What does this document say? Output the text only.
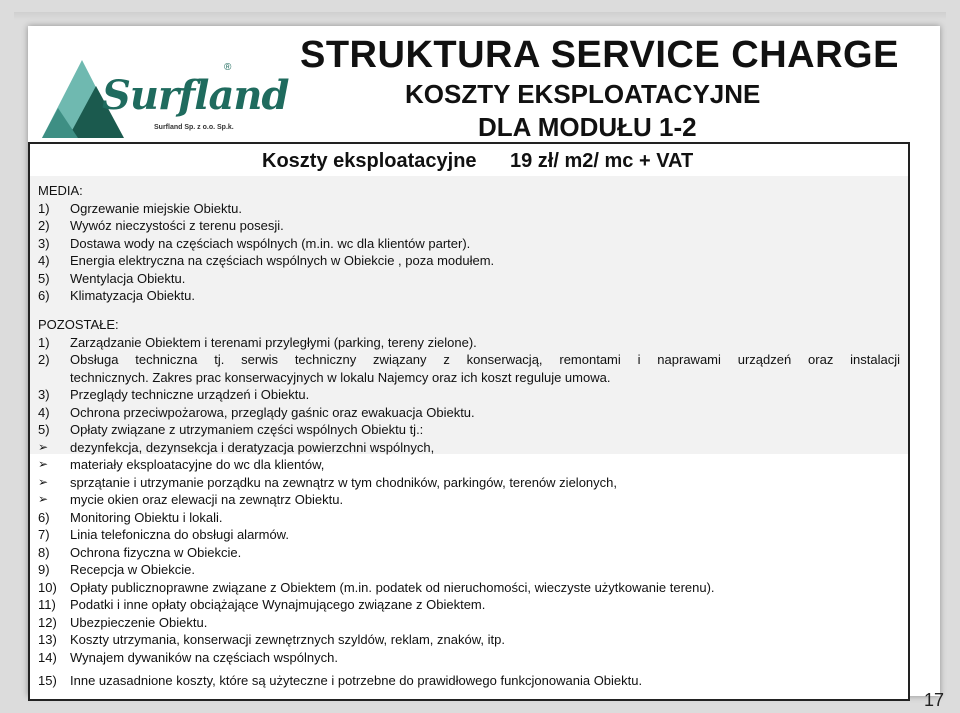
Surfland
®
Surfland Sp. z o.o. Sp.k.
STRUKTURA SERVICE CHARGE
KOSZTY EKSPLOATACYJNE
DLA MODUŁU 1-2
Koszty eksploatacyjne 19 zł/ m2/ mc + VAT
MEDIA:
1)	Ogrzewanie miejskie Obiektu.
2)	Wywóz nieczystości z terenu posesji.
3)	Dostawa wody na częściach wspólnych (m.in. wc dla klientów parter).
4)	Energia elektryczna na częściach wspólnych w Obiekcie , poza modułem.
5)	Wentylacja Obiektu.
6)	Klimatyzacja Obiektu.
POZOSTAŁE:
1)	Zarządzanie Obiektem i terenami przyległymi (parking, tereny zielone).
2)	Obsługa techniczna tj. serwis techniczny związany z konserwacją, remontami i naprawami urządzeń oraz instalacji
technicznych. Zakres prac konserwacyjnych w lokalu Najemcy oraz ich koszt reguluje umowa.
3)	Przeglądy techniczne urządzeń i Obiektu.
4)	Ochrona przeciwpożarowa, przeglądy gaśnic oraz ewakuacja Obiektu.
5)	Opłaty związane z utrzymaniem części wspólnych Obiektu tj.:
➢	dezynfekcja, dezynsekcja i deratyzacja powierzchni wspólnych,
➢	materiały eksploatacyjne do wc dla klientów,
➢	sprzątanie i utrzymanie porządku na zewnątrz w tym chodników, parkingów, terenów zielonych,
➢	mycie okien oraz elewacji na zewnątrz Obiektu.
6)	Monitoring Obiektu i lokali.
7)	Linia telefoniczna do obsługi alarmów.
8)	Ochrona fizyczna w Obiekcie.
9)	Recepcja w Obiekcie.
10)	Opłaty publicznoprawne związane z Obiektem (m.in. podatek od nieruchomości, wieczyste użytkowanie terenu).
11)	Podatki i inne opłaty obciążające Wynajmującego związane z Obiektem.
12)	Ubezpieczenie Obiektu.
13)	Koszty utrzymania, konserwacji zewnętrznych szyldów, reklam, znaków, itp.
14)	Wynajem dywaników na częściach wspólnych.
15)	Inne uzasadnione koszty, które są użyteczne i potrzebne do prawidłowego funkcjonowania Obiektu.
17
